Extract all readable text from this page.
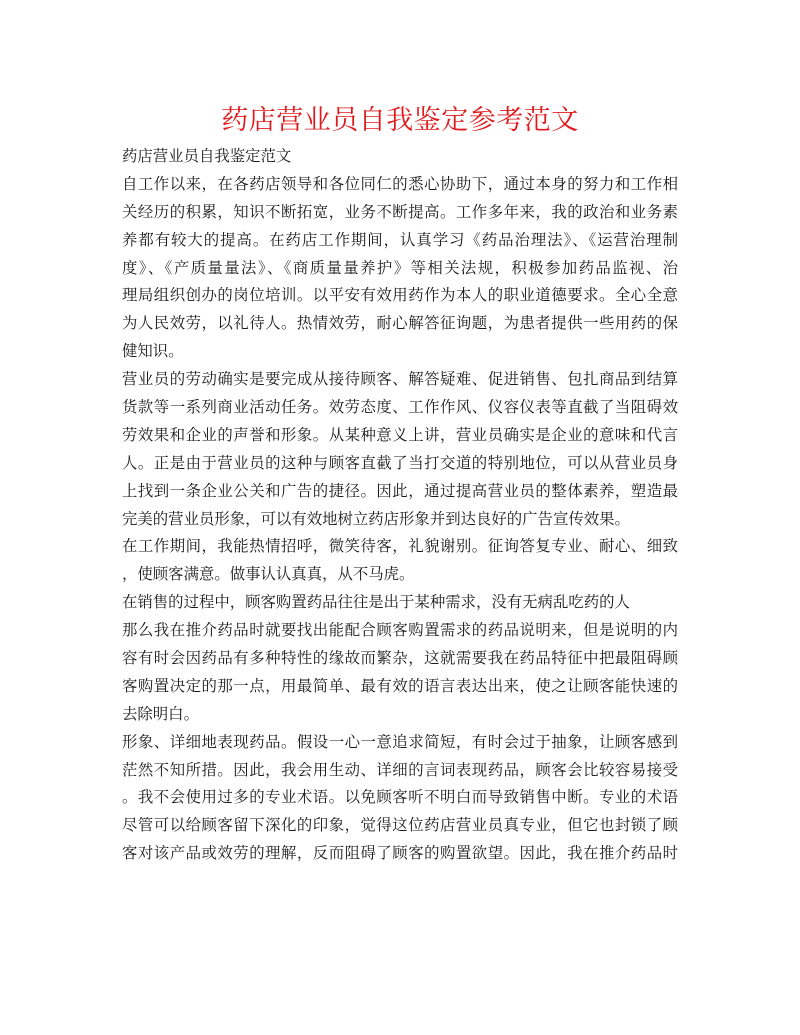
药店营业员自我鉴定参考范文
药店营业员自我鉴定范文
自工作以来，在各药店领导和各位同仁的悉心协助下，通过本身的努力和工作相
关经历的积累，知识不断拓宽，业务不断提高。工作多年来，我的政治和业务素
养都有较大的提高。在药店工作期间，认真学习《药品治理法》、《运营治理制
度》、《产质量量法》、《商质量量养护》等相关法规，积极参加药品监视、治
理局组织创办的岗位培训。以平安有效用药作为本人的职业道德要求。全心全意
为人民效劳，以礼待人。热情效劳，耐心解答征询题，为患者提供一些用药的保
健知识。
营业员的劳动确实是要完成从接待顾客、解答疑难、促进销售、包扎商品到结算
货款等一系列商业活动任务。效劳态度、工作作风、仪容仪表等直截了当阻碍效
劳效果和企业的声誉和形象。从某种意义上讲，营业员确实是企业的意味和代言
人。正是由于营业员的这种与顾客直截了当打交道的特别地位，可以从营业员身
上找到一条企业公关和广告的捷径。因此，通过提高营业员的整体素养，塑造最
完美的营业员形象，可以有效地树立药店形象并到达良好的广告宣传效果。
在工作期间，我能热情招呼，微笑待客，礼貌谢别。征询答复专业、耐心、细致
，使顾客满意。做事认认真真，从不马虎。
在销售的过程中，顾客购置药品往往是出于某种需求，没有无病乱吃药的人
那么我在推介药品时就要找出能配合顾客购置需求的药品说明来，但是说明的内
容有时会因药品有多种特性的缘故而繁杂，这就需要我在药品特征中把最阻碍顾
客购置决定的那一点，用最简单、最有效的语言表达出来，使之让顾客能快速的
去除明白。
形象、详细地表现药品。假设一心一意追求简短，有时会过于抽象，让顾客感到
茫然不知所措。因此，我会用生动、详细的言词表现药品，顾客会比较容易接受
。我不会使用过多的专业术语。以免顾客听不明白而导致销售中断。专业的术语
尽管可以给顾客留下深化的印象，觉得这位药店营业员真专业，但它也封锁了顾
客对该产品或效劳的理解，反而阻碍了顾客的购置欲望。因此，我在推介药品时
